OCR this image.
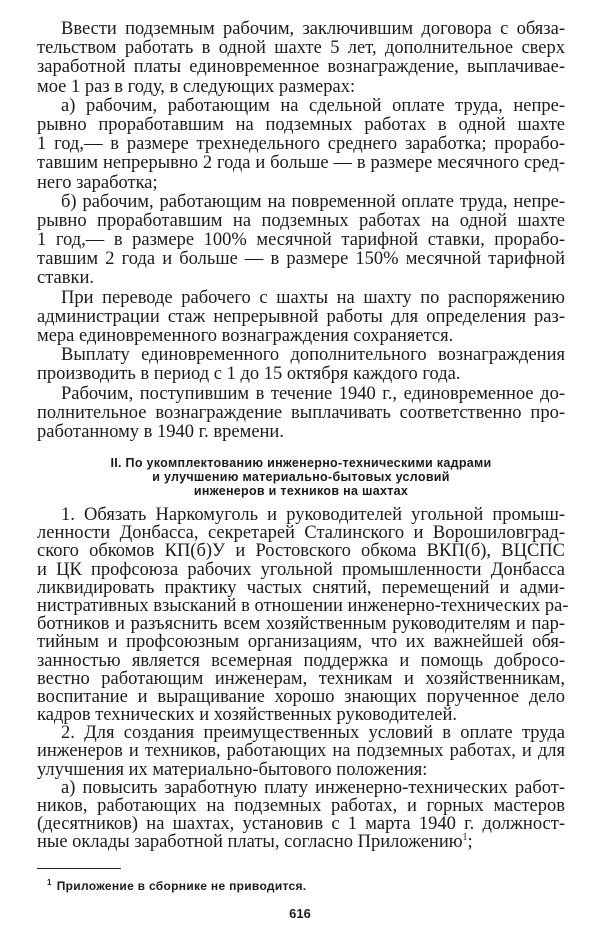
Ввести подземным рабочим, заключившим договора с обяза-
тельством работать в одной шахте 5 лет, дополнительное сверх
заработной платы единовременное вознаграждение, выплачивае-
мое 1 раз в году, в следующих размерах:
а) рабочим, работающим на сдельной оплате труда, непре-
рывно проработавшим на подземных работах в одной шахте
1 год,— в размере трехнедельного среднего заработка; прорабо-
тавшим непрерывно 2 года и больше — в размере месячного сред-
него заработка;
б) рабочим, работающим на повременной оплате труда, непре-
рывно проработавшим на подземных работах на одной шахте
1 год,— в размере 100% месячной тарифной ставки, прорабо-
тавшим 2 года и больше — в размере 150% месячной тарифной
ставки.
При переводе рабочего с шахты на шахту по распоряжению
администрации стаж непрерывной работы для определения раз-
мера единовременного вознаграждения сохраняется.
Выплату единовременного дополнительного вознаграждения
производить в период с 1 до 15 октября каждого года.
Рабочим, поступившим в течение 1940 г., единовременное до-
полнительное вознаграждение выплачивать соответственно про-
работанному в 1940 г. времени.
II. По укомплектованию инженерно-техническими кадрами
и улучшению материально-бытовых условий
инженеров и техников на шахтах
1. Обязать Наркомуголь и руководителей угольной промыш-
ленности Донбасса, секретарей Сталинского и Ворошиловград-
ского обкомов КП(б)У и Ростовского обкома ВКП(б), ВЦСПС
и ЦК профсоюза рабочих угольной промышленности Донбасса
ликвидировать практику частых снятий, перемещений и адми-
нистративных взысканий в отношении инженерно-технических ра-
ботников и разъяснить всем хозяйственным руководителям и пар-
тийным и профсоюзным организациям, что их важнейшей обя-
занностью является всемерная поддержка и помощь добросо-
вестно работающим инженерам, техникам и хозяйственникам,
воспитание и выращивание хорошо знающих порученное дело
кадров технических и хозяйственных руководителей.
2. Для создания преимущественных условий в оплате труда
инженеров и техников, работающих на подземных работах, и для
улучшения их материально-бытового положения:
а) повысить заработную плату инженерно-технических работ-
ников, работающих на подземных работах, и горных мастеров
(десятников) на шахтах, установив с 1 марта 1940 г. должност-
ные оклады заработной платы, согласно Приложению$^1$;
$^1$ Приложение в сборнике не приводится.
616
